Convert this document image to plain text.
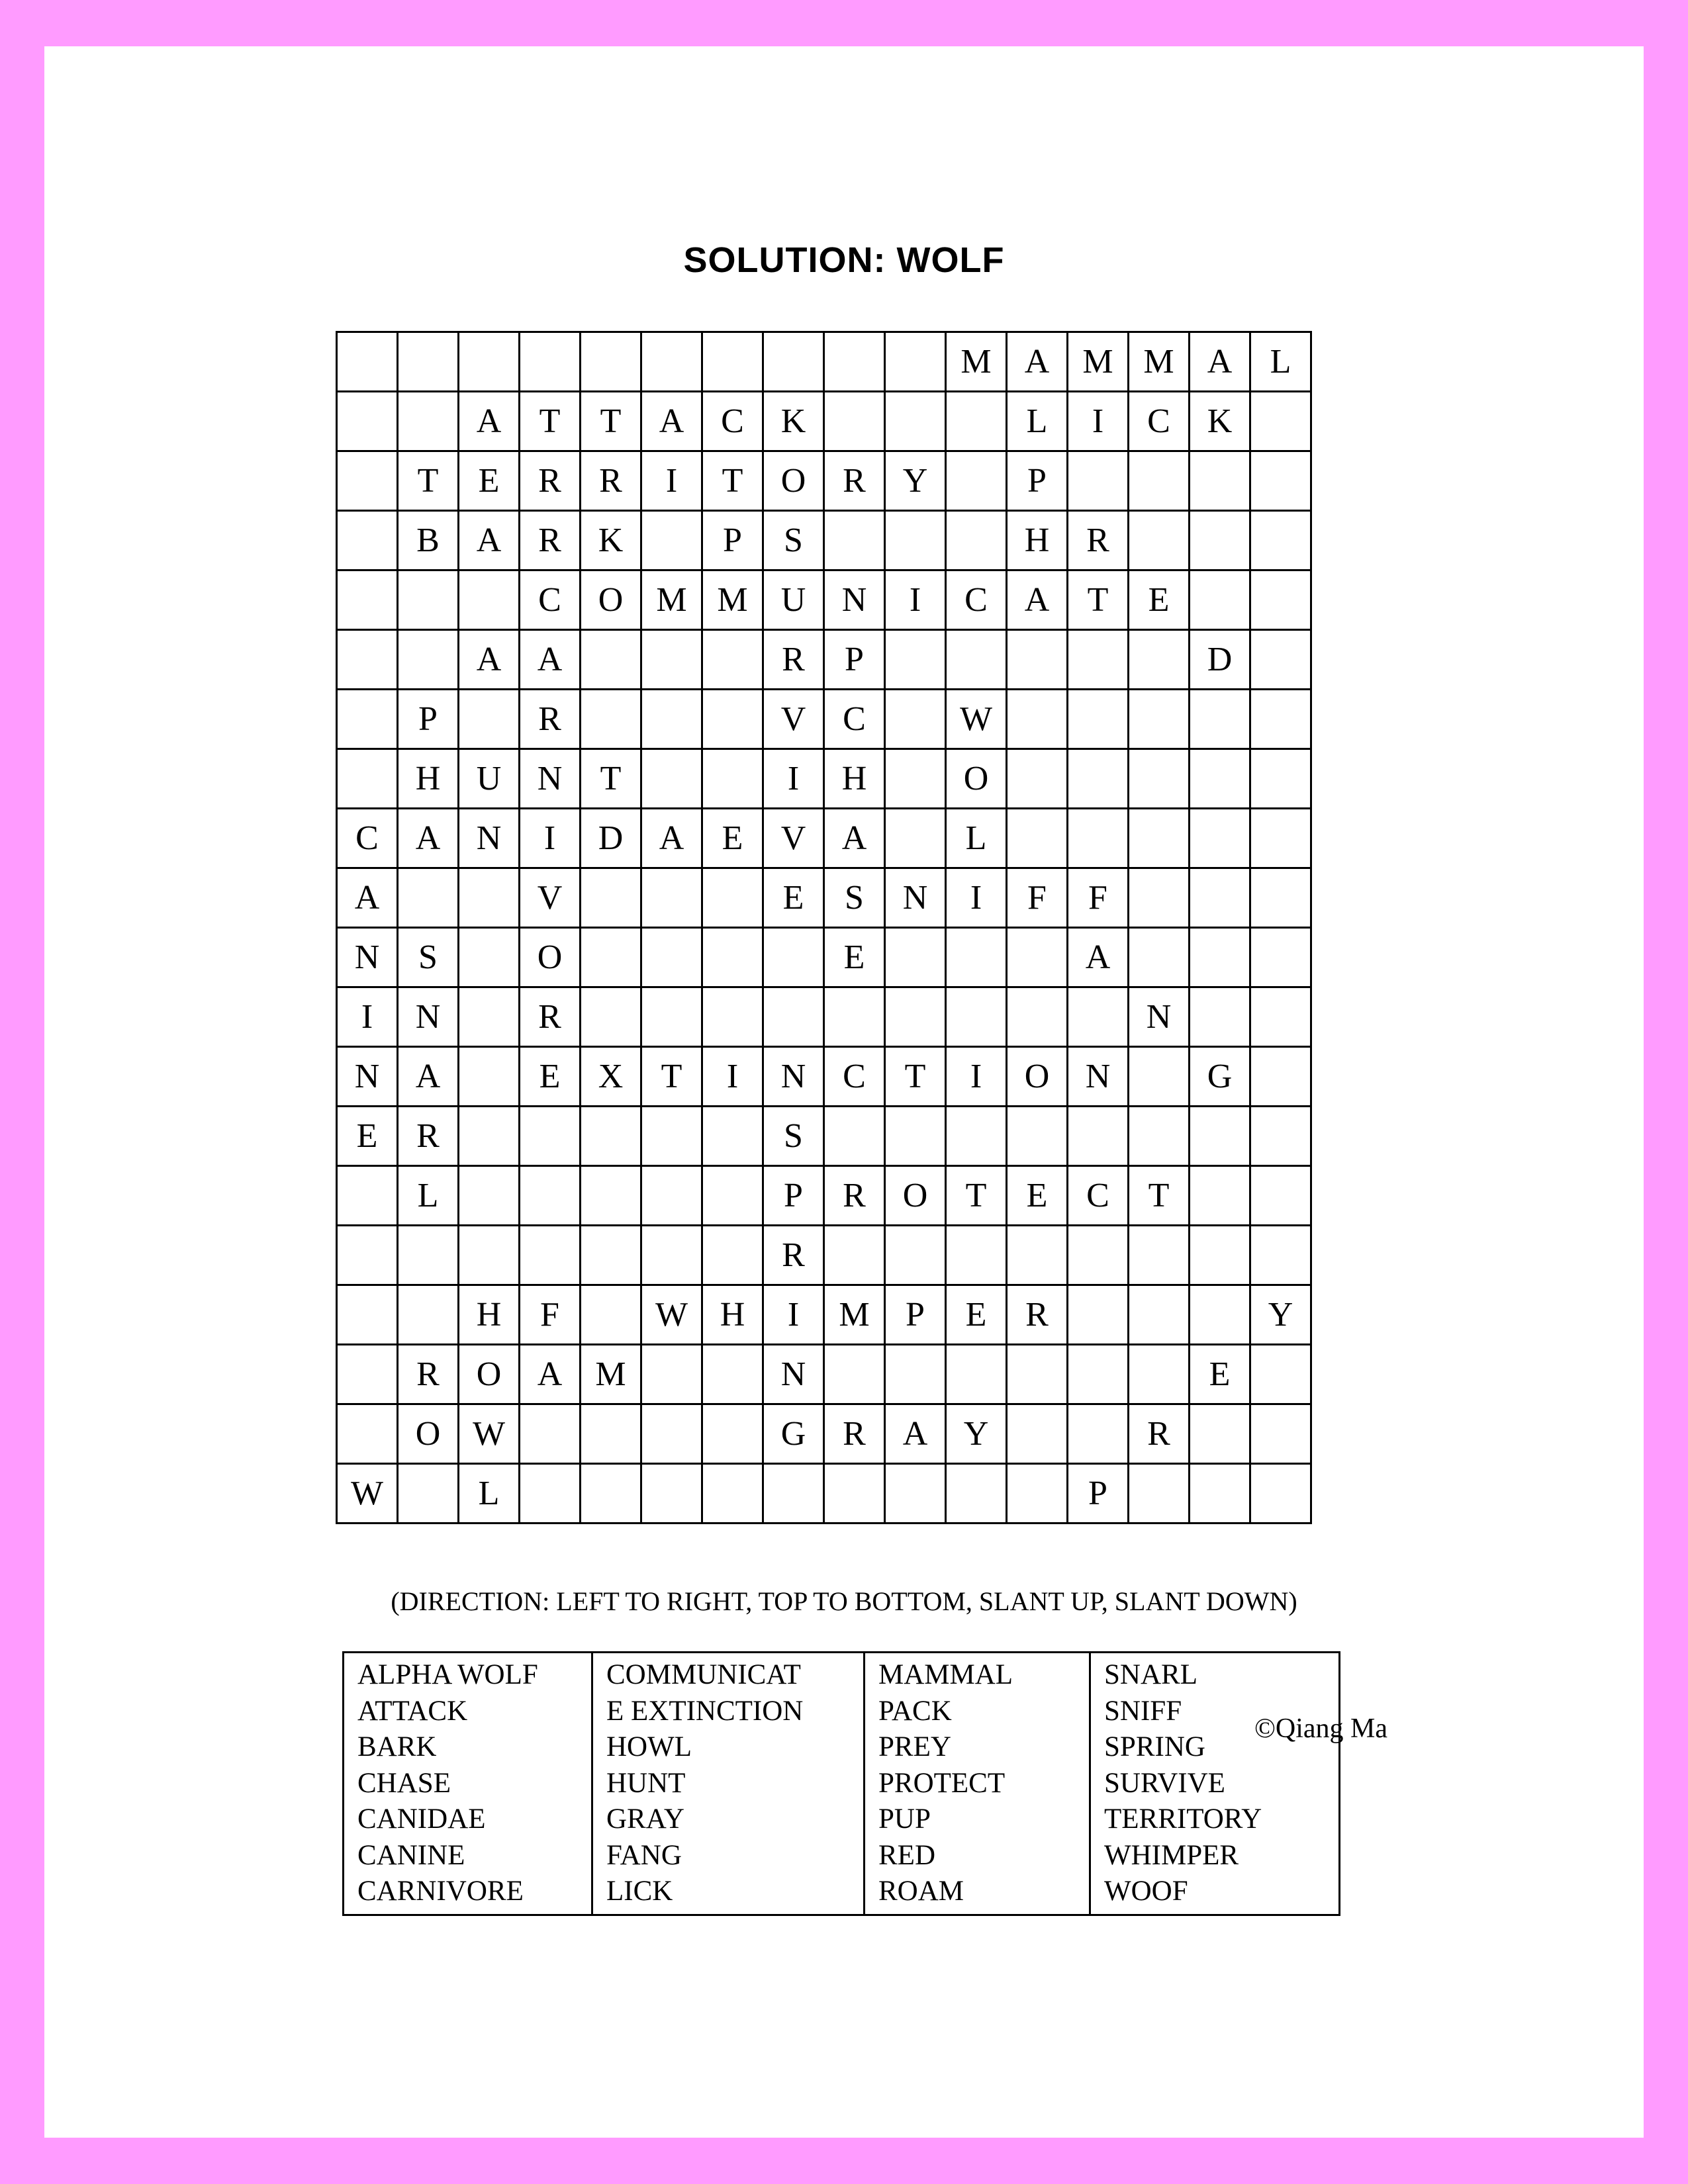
SOLUTION: WOLF
										M	A	M	M	A	L
		A	T	T	A	C	K				L	I	C	K	
	T	E	R	R	I	T	O	R	Y		P				
	B	A	R	K		P	S				H	R			
			C	O	M	M	U	N	I	C	A	T	E		
		A	A				R	P						D	
	P		R				V	C		W					
	H	U	N	T			I	H		O					
C	A	N	I	D	A	E	V	A		L					
A			V				E	S	N	I	F	F			
N	S		O					E				A			
I	N		R										N		
N	A		E	X	T	I	N	C	T	I	O	N		G	
E	R						S								
	L						P	R	O	T	E	C	T		
							R								
		H	F		W	H	I	M	P	E	R				Y
	R	O	A	M			N							E	
	O	W					G	R	A	Y			R		
W		L										P			
(DIRECTION: LEFT TO RIGHT, TOP TO BOTTOM, SLANT UP, SLANT DOWN)
ALPHA WOLF
ATTACK
BARK
CHASE
CANIDAE
CANINE
CARNIVORE

COMMUNICAT
E EXTINCTION
HOWL
HUNT
GRAY
FANG
LICK

MAMMAL
PACK
PREY
PROTECT
PUP
RED
ROAM

SNARL
SNIFF
SPRING
SURVIVE
TERRITORY
WHIMPER
WOOF
©Qiang Ma
